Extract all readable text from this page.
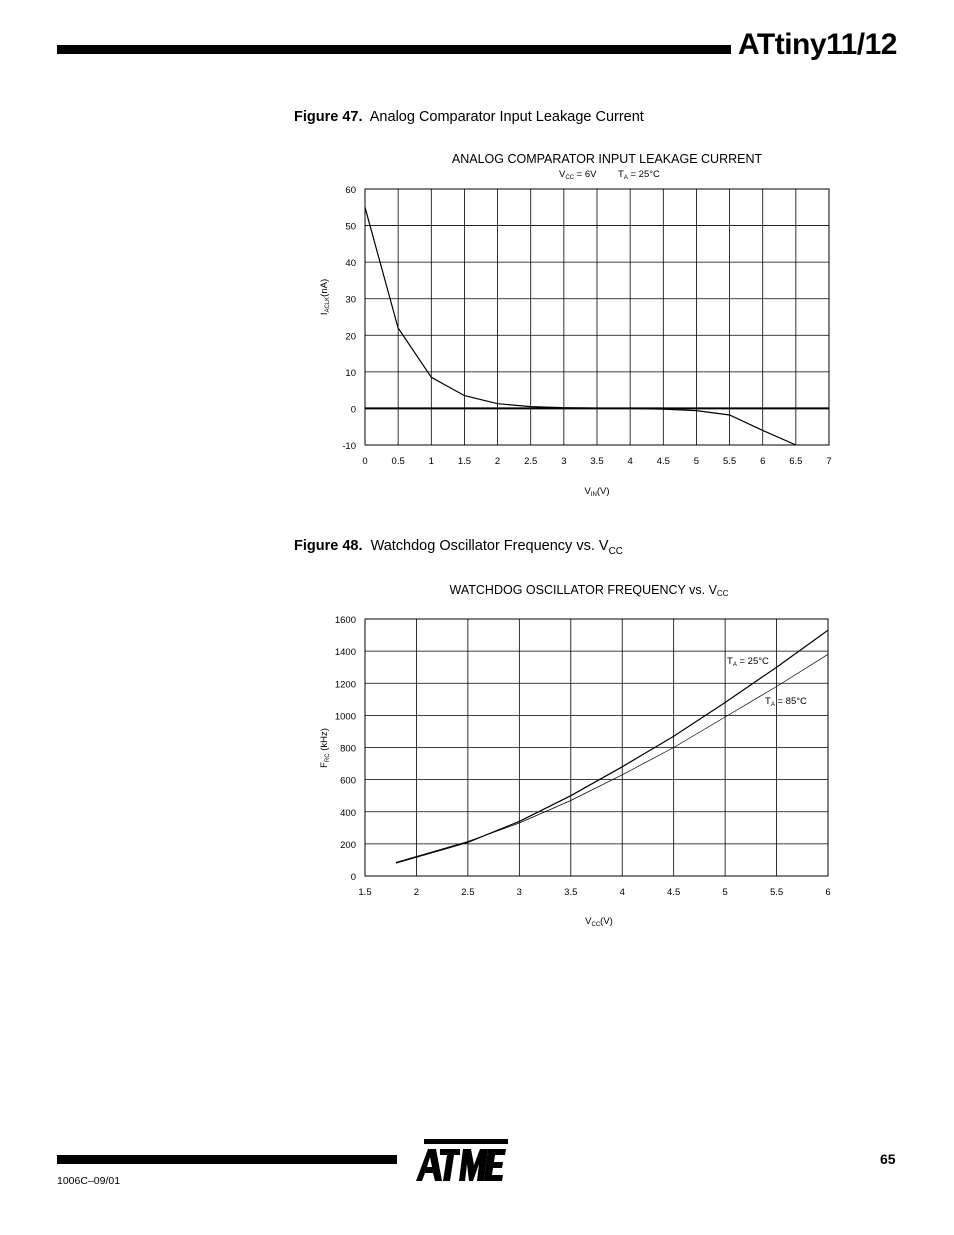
ATtiny11/12
Figure 47. Analog Comparator Input Leakage Current
Figure 48. Watchdog Oscillator Frequency vs. $V_{CC}$
0	0.5	1	1.5	2	2.5	3	3.5	4	4.5	5	5.5	6	6.5	7
60
50
40
30
20
10
0
-10
ANALOG COMPARATOR INPUT LEAKAGE CURRENT
$V_{CC} = 6V$ $T_A = 25^\circ C$
$V_{IN}(V)$
$I_{ACLK}(nA)$
1.5	2	2.5	3	3.5	4	4.5	5	5.5	6
1600
1400
1200
1000
800
600
400
200
0
WATCHDOG OSCILLATOR FREQUENCY vs. VCC
$V_{CC}(V)$
$F_{RC}$ (kHz)
$T_A = 25^\circ C$
$T_A = 85^\circ C$
65
1006C–09/01
